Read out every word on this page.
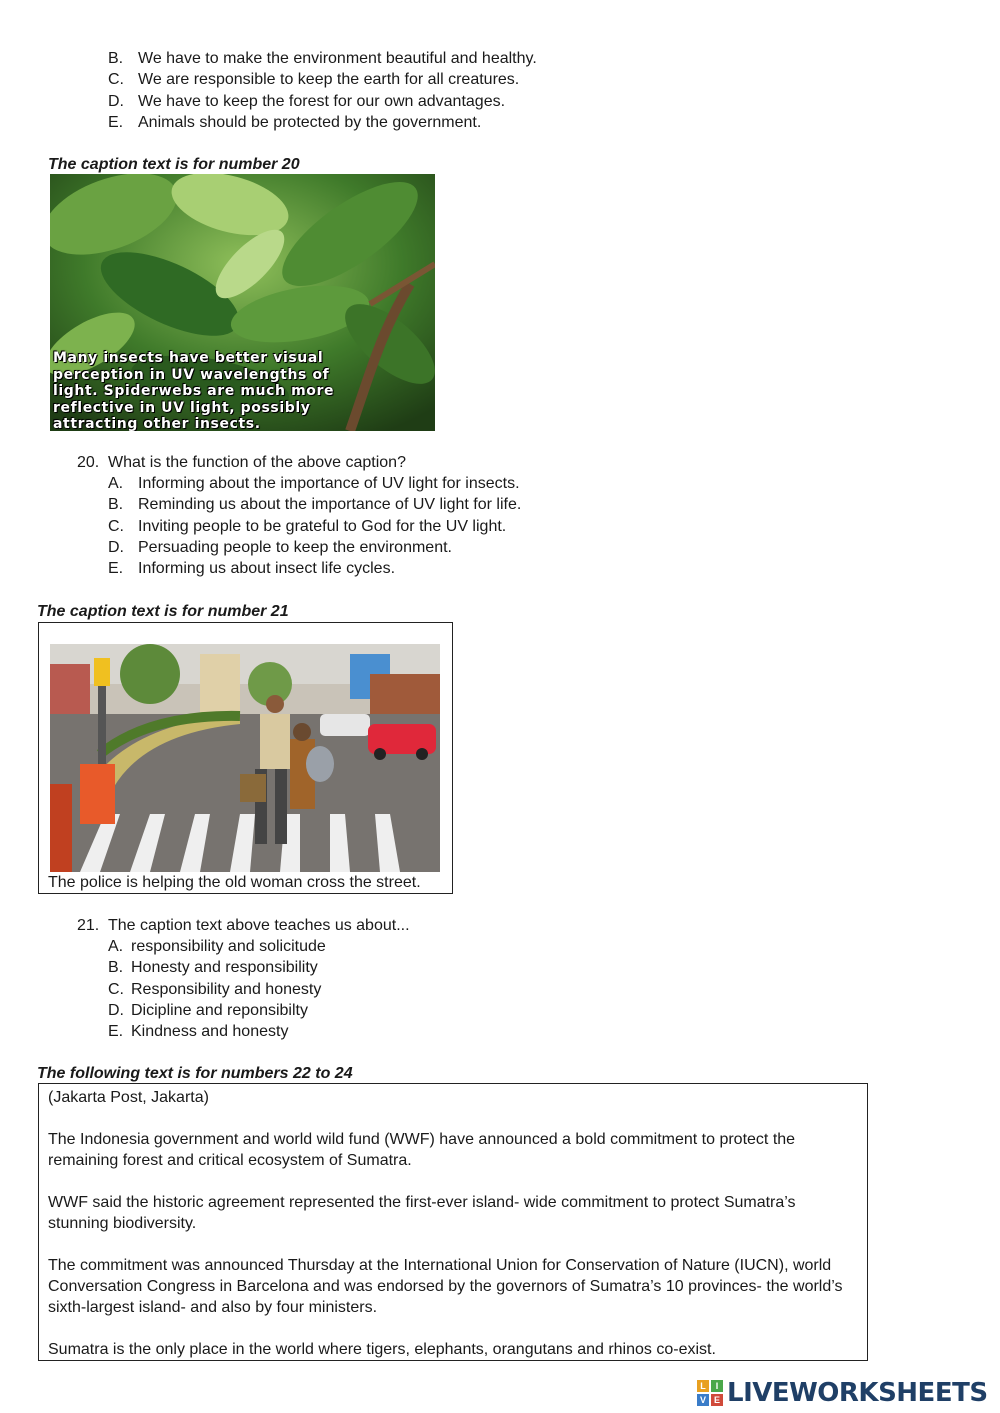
B. We have to make the environment beautiful and healthy.
C. We are responsible to keep the earth for all creatures.
D. We have to keep the forest for our own advantages.
E. Animals should be protected by the government.
The caption text is for number 20
Many insects have better visual
perception in UV wavelengths of
light. Spiderwebs are much more
reflective in UV light, possibly
attracting other insects.
20. What is the function of the above caption?
A. Informing about the importance of UV light for insects.
B. Reminding us about the importance of UV light for life.
C. Inviting people to be grateful to God for the UV light.
D. Persuading people to keep the environment.
E. Informing us about insect life cycles.
The caption text is for number 21
The police is helping the old woman cross the street.
21. The caption text above teaches us about...
A. responsibility and solicitude
B. Honesty and responsibility
C. Responsibility and honesty
D. Dicipline and reponsibilty
E. Kindness and honesty
The following text is for numbers 22 to 24

(Jakarta Post, Jakarta)

The Indonesia government and world wild fund (WWF) have announced a bold commitment to protect the remaining forest and critical ecosystem of Sumatra.

WWF said the historic agreement represented the first-ever island- wide commitment to protect Sumatra’s stunning biodiversity.

The commitment was announced Thursday at the International Union for Conservation of Nature (IUCN), world Conversation Congress in Barcelona and was endorsed by the governors of Sumatra’s 10 provinces- the world’s sixth-largest island- and also by four ministers.

Sumatra is the only place in the world where tigers, elephants, orangutans and rhinos co-exist.

L	I
V E LIVEWORKSHEETS
